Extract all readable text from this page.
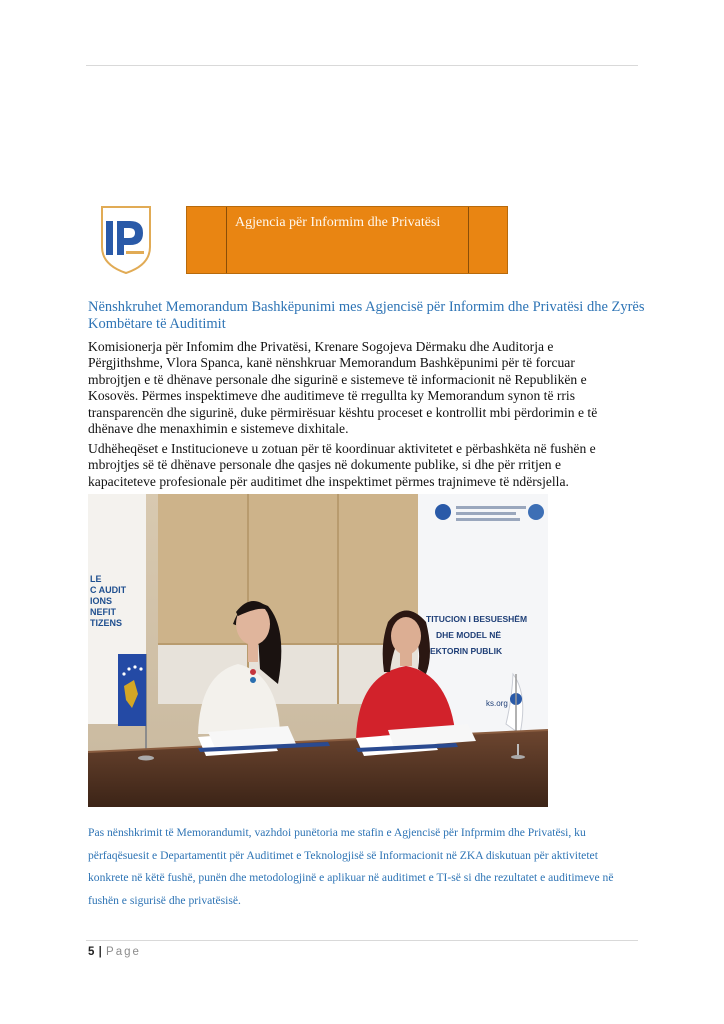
Agjencia për Informim dhe Privatësi
Nënshkruhet Memorandum Bashkëpunimi mes Agjencisë për Informim dhe Privatësi dhe Zyrës Kombëtare të Auditimit
Komisionerja për Infomim dhe Privatësi, Krenare Sogojeva Dërmaku dhe Auditorja e Përgjithshme, Vlora Spanca, kanë nënshkruar Memorandum Bashkëpunimi për të forcuar mbrojtjen e të dhënave personale dhe sigurinë e sistemeve të informacionit në Republikën e Kosovës. Përmes inspektimeve dhe auditimeve të rregullta ky Memorandum synon të rris transparencën dhe sigurinë, duke përmirësuar kështu proceset e kontrollit mbi përdorimin e të dhënave dhe menaxhimin e sistemeve dixhitale.
Udhëheqëset e Institucioneve u zotuan për të koordinuar aktivitetet e përbashkëta në fushën e mbrojtjes së të dhënave personale dhe qasjes në dokumente publike, si dhe për rritjen e kapaciteteve profesionale për auditimet dhe inspektimet përmes trajnimeve të ndërsjella.
LE C AUDIT IONS NEFIT TIZENS	TITUCION I BESUESHËM DHE MODEL NË EKTORIN PUBLIK
ks.org
Pas nënshkrimit të Memorandumit, vazhdoi punëtoria me stafin e Agjencisë për Infprmim dhe Privatësi, ku përfaqësuesit e Departamentit për Auditimet e Teknologjisë së Informacionit në ZKA diskutuan për aktivitetet konkrete në këtë fushë, punën dhe metodologjinë e aplikuar në auditimet e TI-së si dhe rezultatet e auditimeve në fushën e sigurisë dhe privatësisë.
5 | Page
